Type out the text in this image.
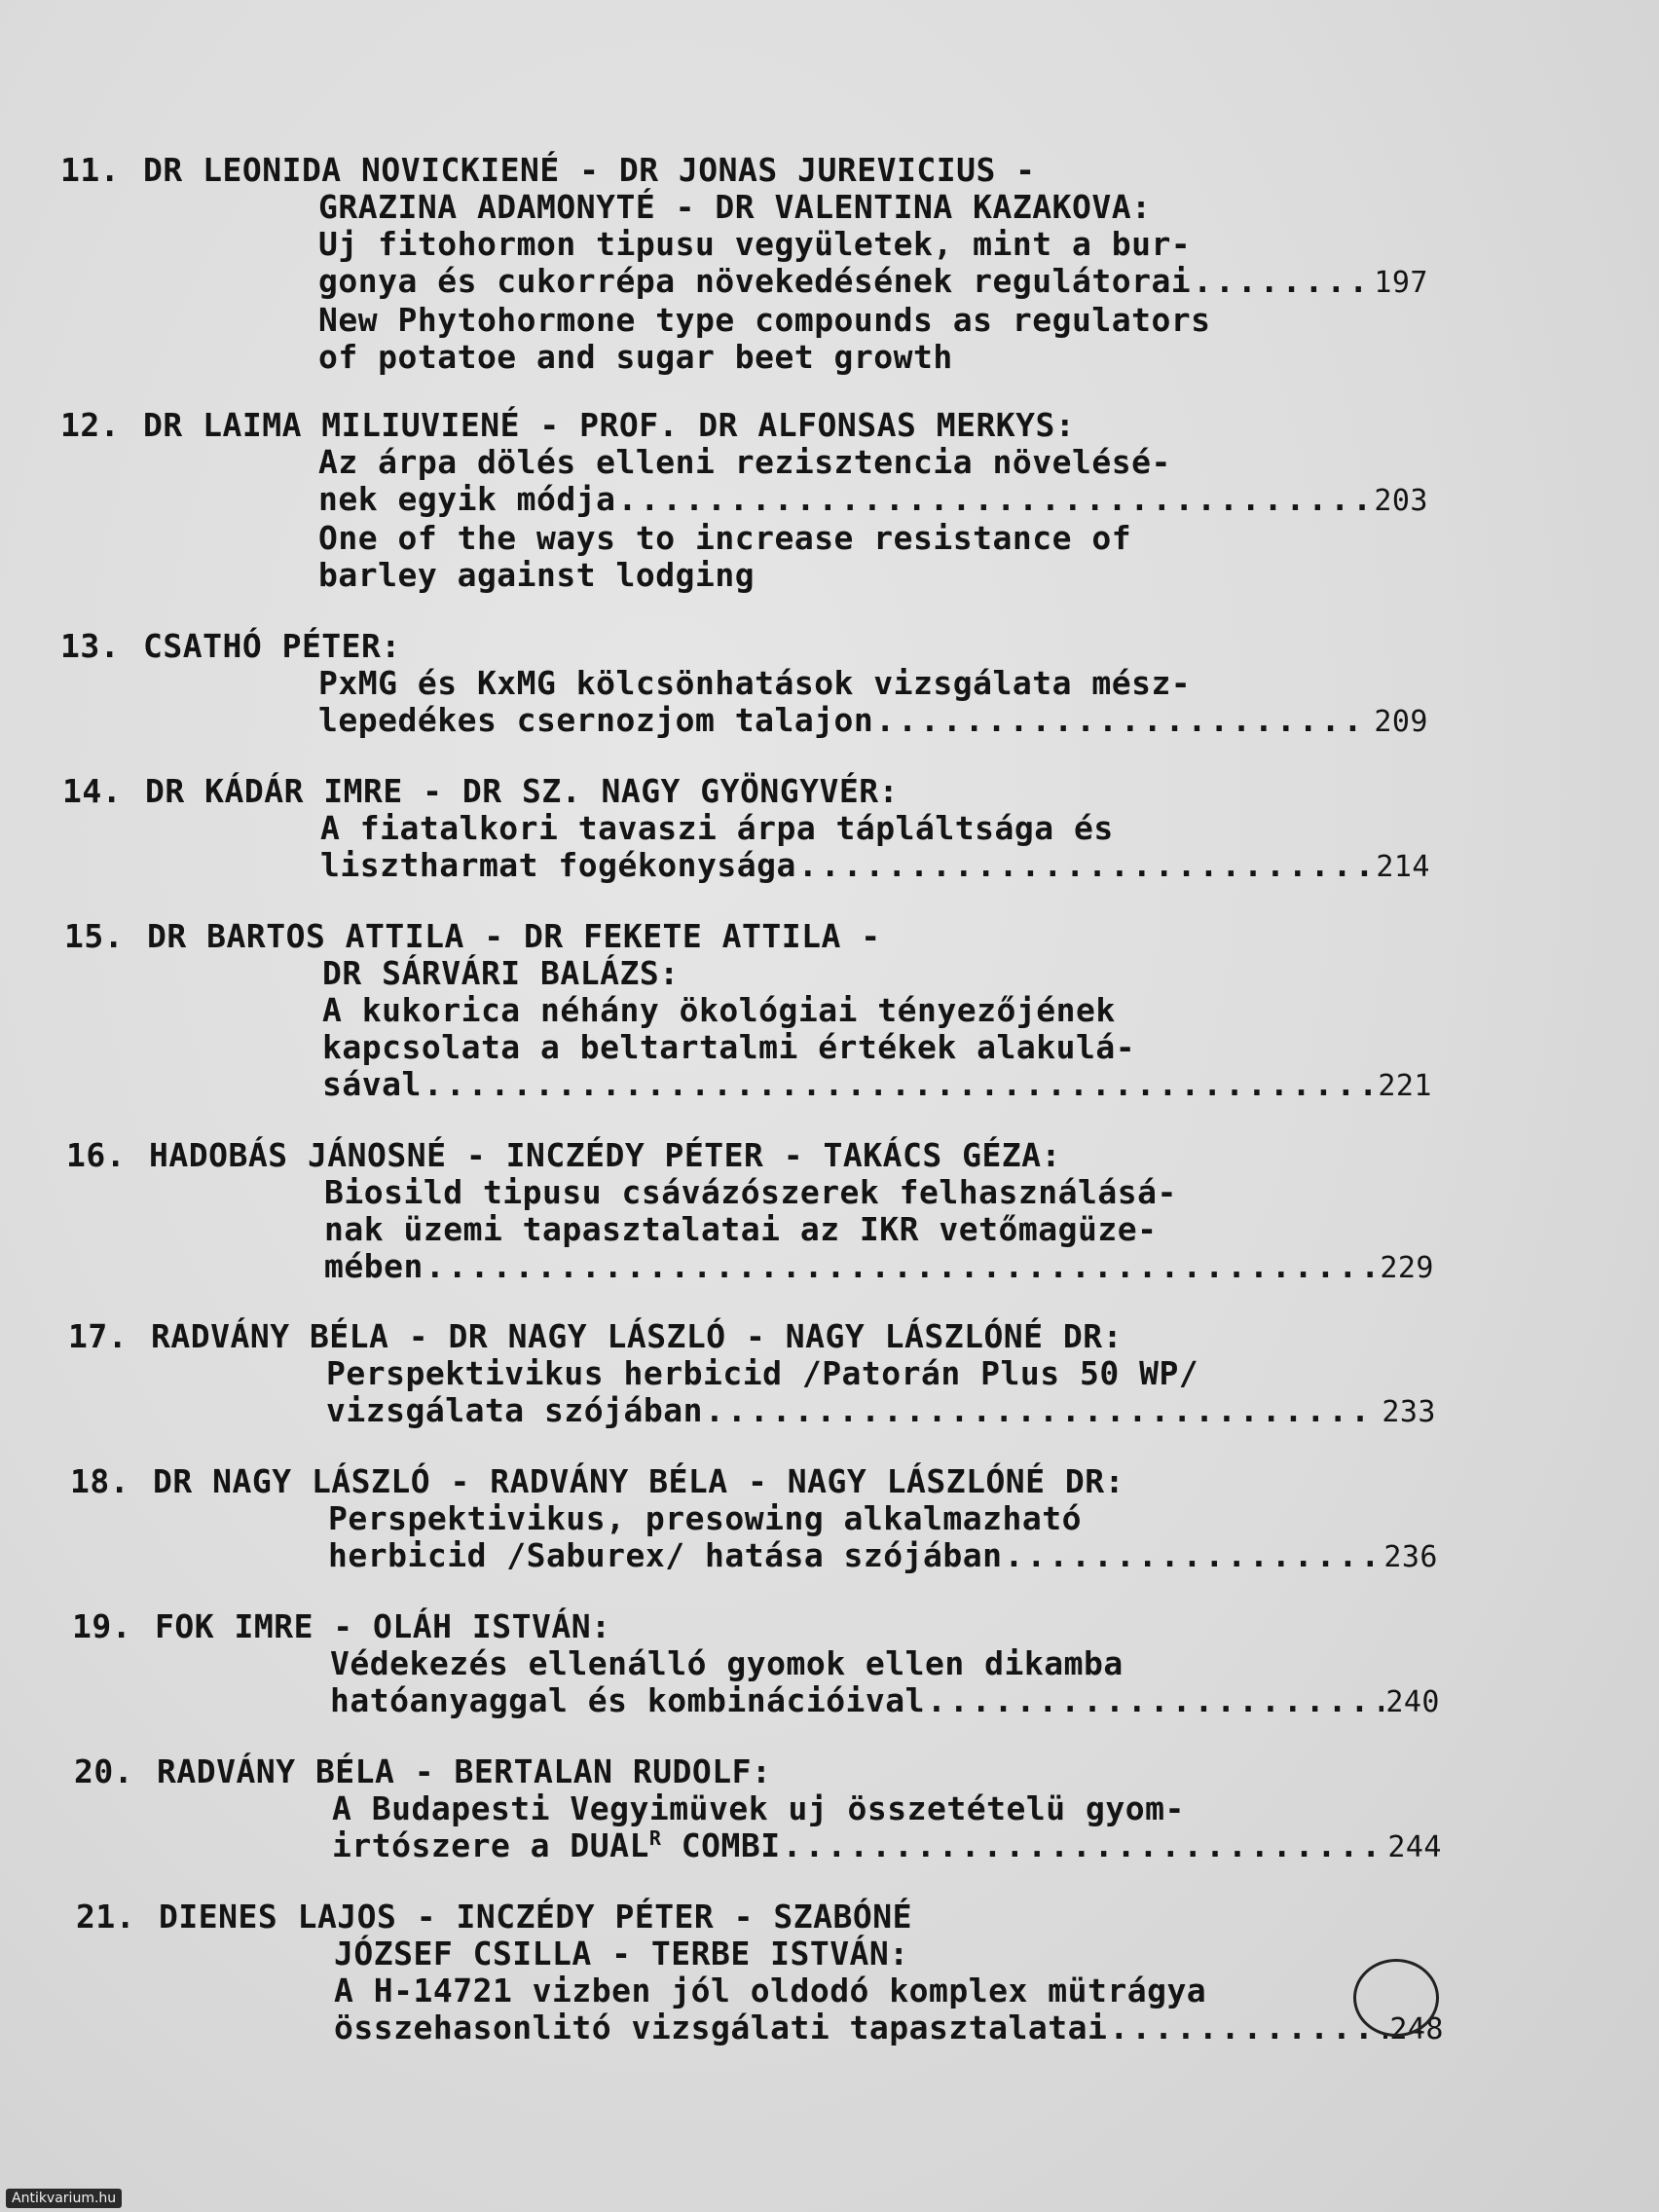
11. DR LEONIDA NOVICKIENÉ - DR JONAS JUREVICIUS -
GRAZINA ADAMONYTÉ - DR VALENTINA KAZAKOVA:
Uj fitohormon tipusu vegyületek, mint a bur-
gonya és cukorrépa növekedésének regulátorai .....	197
New Phytohormone type compounds as regulators
of potatoe and sugar beet growth
12. DR LAIMA MILIUVIENÉ - PROF. DR ALFONSAS MERKYS:
Az árpa dölés elleni rezisztencia növelésé-
nek egyik módja .....	203
One of the ways to increase resistance of
barley against lodging
13. CSATHÓ PÉTER:
PxMG és KxMG kölcsönhatások vizsgálata mész-
lepedékes csernozjom talajon .....	209
14. DR KÁDÁR IMRE - DR SZ. NAGY GYÖNGYVÉR:
A fiatalkori tavaszi árpa tápláltsága és
lisztharmat fogékonysága .....	214
15. DR BARTOS ATTILA - DR FEKETE ATTILA -
DR SÁRVÁRI BALÁZS:
A kukorica néhány ökológiai tényezőjének
kapcsolata a beltartalmi értékek alakulá-
sával .....	221
16. HADOBÁS JÁNOSNÉ - INCZÉDY PÉTER - TAKÁCS GÉZA:
Biosild tipusu csávázószerek felhasználásá-
nak üzemi tapasztalatai az IKR vetőmagüze-
mében .....	229
17. RADVÁNY BÉLA - DR NAGY LÁSZLÓ - NAGY LÁSZLÓNÉ DR:
Perspektivikus herbicid /Patorán Plus 50 WP/
vizsgálata szójában .....	233
18. DR NAGY LÁSZLÓ - RADVÁNY BÉLA - NAGY LÁSZLÓNÉ DR:
Perspektivikus, presowing alkalmazható
herbicid /Saburex/ hatása szójában .....	236
19. FOK IMRE - OLÁH ISTVÁN:
Védekezés ellenálló gyomok ellen dikamba
hatóanyaggal és kombinációival .....	240
20. RADVÁNY BÉLA - BERTALAN RUDOLF:
A Budapesti Vegyimüvek uj összetételü gyom-
irtószere a $DUAL^R$ COMBI .....	244
21. DIENES LAJOS - INCZÉDY PÉTER - SZABÓNÉ
JÓZSEF CSILLA - TERBE ISTVÁN:
A H-14721 vizben jól oldodó komplex mütrágya
összehasonlitó vizsgálati tapasztalatai .....	248
Antikvarium.hu
